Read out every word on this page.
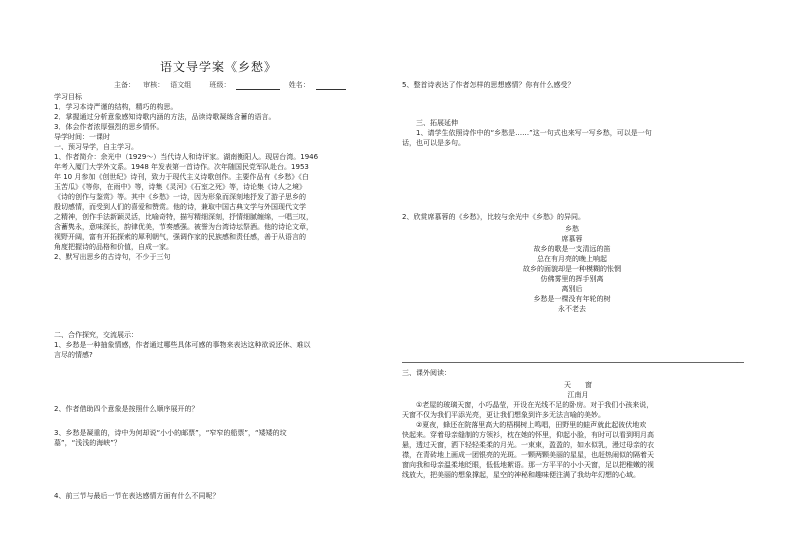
语文导学案《乡愁》
主备： 审核： 语文组	班级：	姓名：
学习目标
1．学习本诗严谨的结构，精巧的构思。
2．掌握通过分析意象感知诗歌内涵的方法，品读诗歌凝练含蓄的语言。
3．体会作者浓厚强烈的思乡情怀。
导学时间：一课时
一、预习导学，自主学习。
1、作者简介：余光中（1929～）当代诗人和诗评家。湖南衡阳人。现居台湾。1946
年考入厦门大学外文系。1948 年发表第一首诗作。次年随国民党军队赴台。1953
年 10 月参加《创世纪》诗刊，致力于现代主义诗歌创作。主要作品有《乡愁》《白
玉苦瓜》《等你，在雨中》等，诗集《灵河》《石室之死》等，诗论集《诗人之境》
《诗的创作与鉴赏》等。其中《乡愁》一诗，因为形象而深刻地抒发了游子思乡的
殷切感情，而受到人们的喜爱和赞赏。他的诗，兼取中国古典文学与外国现代文学
之精神，创作手法新颖灵活，比喻奇特，描写精细深刻，抒情细腻缠绵，一唱三叹，
含蓄隽永，意味深长，韵律优美，节奏感强。被誉为台湾诗坛祭酒。他的诗论文章，
视野开阔，富有开拓探索的犀利朝气，强调作家的民族感和责任感，善于从语言的
角度把握诗的品格和价值，自成一家。
2、默写出思乡的古诗句，不少于三句
二、合作探究，交流展示：
1、乡愁是一种抽象情感，作者通过哪些具体可感的事物来表达这种欲说还休、难以
言尽的情感?
2、作者借助四个意象是按照什么顺序展开的？
3、乡愁是凝重的，诗中为何却说“小小的邮票”，“窄窄的船票”，“矮矮的坟
墓”，“浅浅的海峡”？
4、前三节与最后一节在表达感情方面有什么不同呢？
5、整首诗表达了作者怎样的思想感情？你有什么感受？
三、拓展延伸
1、请学生依照诗作中的“乡愁是……”这一句式也来写一写乡愁，可以是一句
话，也可以是多句。
2、欣赏席慕蓉的《乡愁》，比较与余光中《乡愁》的异同。
乡愁
席慕蓉
故乡的歌是一支清远的笛
总在有月亮的晚上响起
故乡的面貌却是一种模糊的怅惘
仿佛雾里的挥手别离
离别后
乡愁是一棵没有年轮的树
永不老去
·
三、课外阅读：
天　　窗
江南月
①老屋的玻璃天窗，小巧晶莹，开设在光线不足的卧房。对于我们小孩来说，
天窗不仅为我们平添光亮，更让我们想象到许多无法言喻的美妙。
②夏夜，蜂还在院落里高大的梧桐树上鸣唱，田野里的蛙声就此起彼伏地欢
快起来。穿着母亲缝制的方领衫，枕在她的怀里，仰起小脸，有时可以看到明月高
悬，透过天窗，洒下轻轻柔柔的月光。一束束，盈盈的，如水似乳，漫过母亲的衣
襟，在青砖地上画成一团银亮的光斑。一颗两颗美丽的星星，也赶热闹似的隔着天
窗向我和母亲温柔地眨眼，低低地絮语。那一方平平的小小天窗，足以把稚嫩的视
线放大，把美丽的想象撑起，星空的神秘和趣味便注满了我幼年幻想的心域。
